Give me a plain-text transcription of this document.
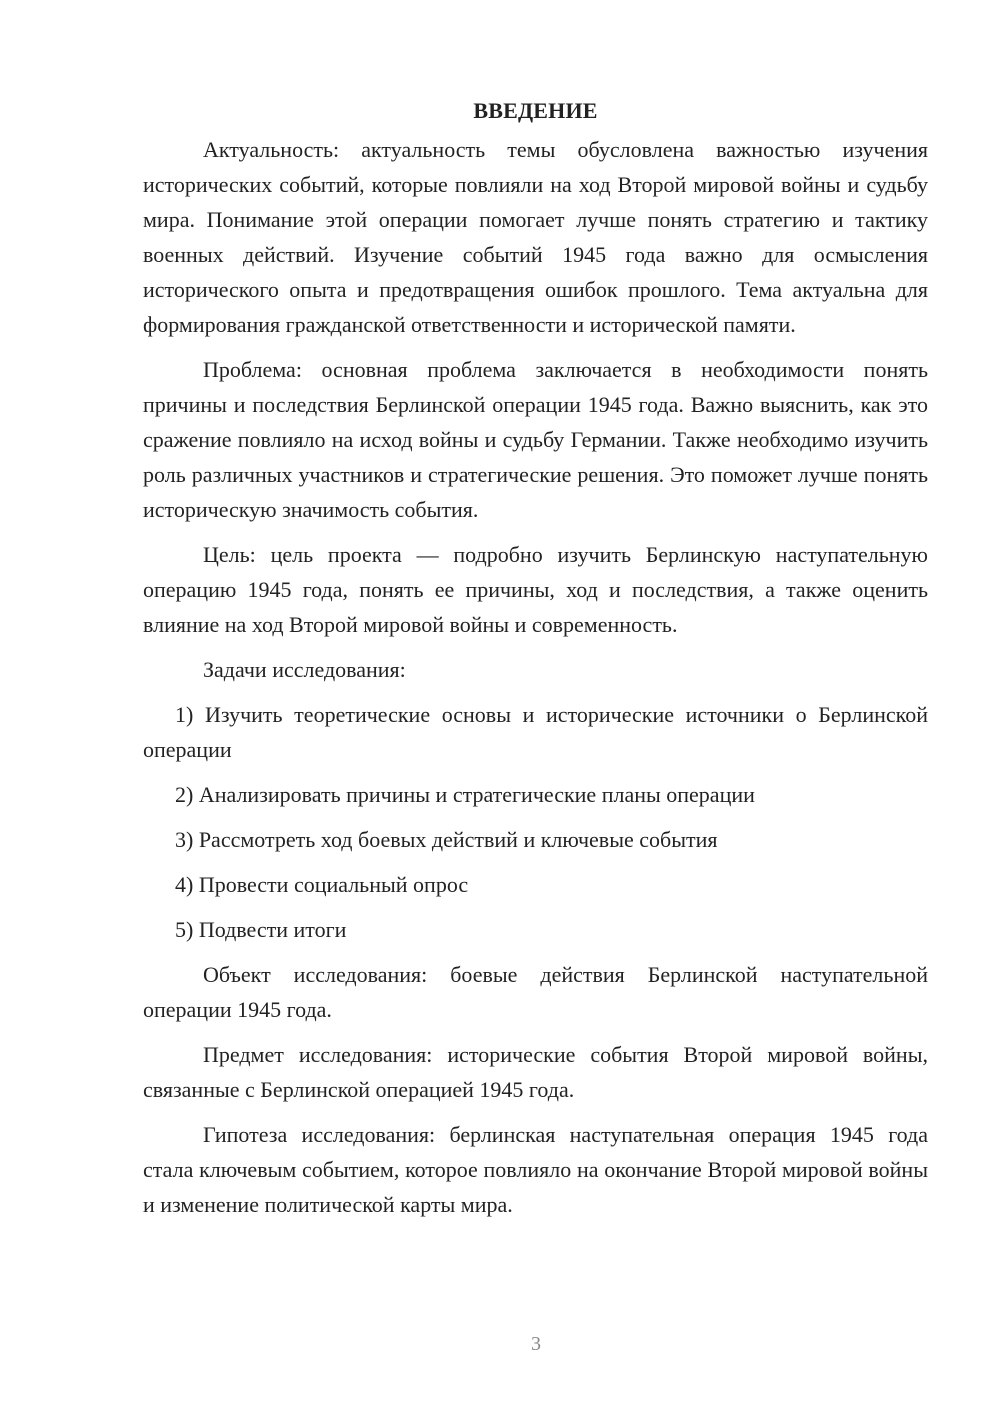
ВВЕДЕНИЕ

Актуальность: актуальность темы обусловлена важностью изучения исторических событий, которые повлияли на ход Второй мировой войны и судьбу мира. Понимание этой операции помогает лучше понять стратегию и тактику военных действий. Изучение событий 1945 года важно для осмысления исторического опыта и предотвращения ошибок прошлого. Тема актуальна для формирования гражданской ответственности и исторической памяти.

Проблема: основная проблема заключается в необходимости понять причины и последствия Берлинской операции 1945 года. Важно выяснить, как это сражение повлияло на исход войны и судьбу Германии. Также необходимо изучить роль различных участников и стратегические решения. Это поможет лучше понять историческую значимость события.

Цель: цель проекта — подробно изучить Берлинскую наступательную операцию 1945 года, понять ее причины, ход и последствия, а также оценить влияние на ход Второй мировой войны и современность.

Задачи исследования:

1) Изучить теоретические основы и исторические источники о Берлинской операции

2) Анализировать причины и стратегические планы операции

3) Рассмотреть ход боевых действий и ключевые события

4) Провести социальный опрос

5) Подвести итоги

Объект исследования: боевые действия Берлинской наступательной операции 1945 года.

Предмет исследования: исторические события Второй мировой войны, связанные с Берлинской операцией 1945 года.

Гипотеза исследования: берлинская наступательная операция 1945 года стала ключевым событием, которое повлияло на окончание Второй мировой войны и изменение политической карты мира.

3
